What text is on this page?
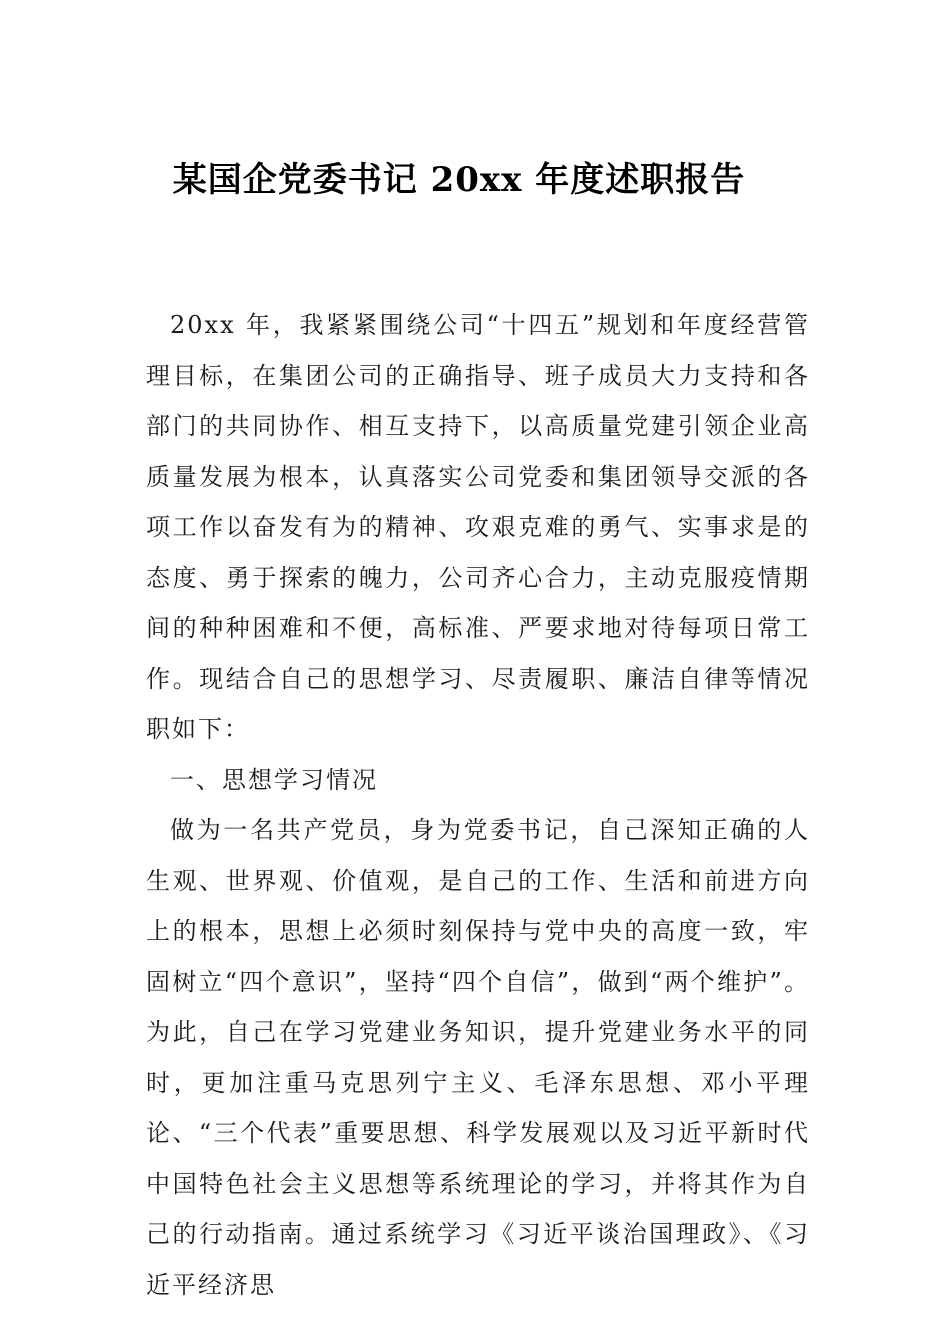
某国企党委书记 20xx 年度述职报告

20xx 年，我紧紧围绕公司“十四五”规划和年度经营管理目标，在集团公司的正确指导、班子成员大力支持和各部门的共同协作、相互支持下，以高质量党建引领企业高质量发展为根本，认真落实公司党委和集团领导交派的各项工作以奋发有为的精神、攻艰克难的勇气、实事求是的态度、勇于探索的魄力，公司齐心合力，主动克服疫情期间的种种困难和不便，高标准、严要求地对待每项日常工作。现结合自己的思想学习、尽责履职、廉洁自律等情况职如下：

一、思想学习情况

做为一名共产党员，身为党委书记，自己深知正确的人生观、世界观、价值观，是自己的工作、生活和前进方向上的根本，思想上必须时刻保持与党中央的高度一致，牢固树立“四个意识”，坚持“四个自信”，做到“两个维护”。为此，自己在学习党建业务知识，提升党建业务水平的同时，更加注重马克思列宁主义、毛泽东思想、邓小平理论、“三个代表”重要思想、科学发展观以及习近平新时代中国特色社会主义思想等系统理论的学习，并将其作为自己的行动指南。通过系统学习《习近平谈治国理政》、《习近平经济思
